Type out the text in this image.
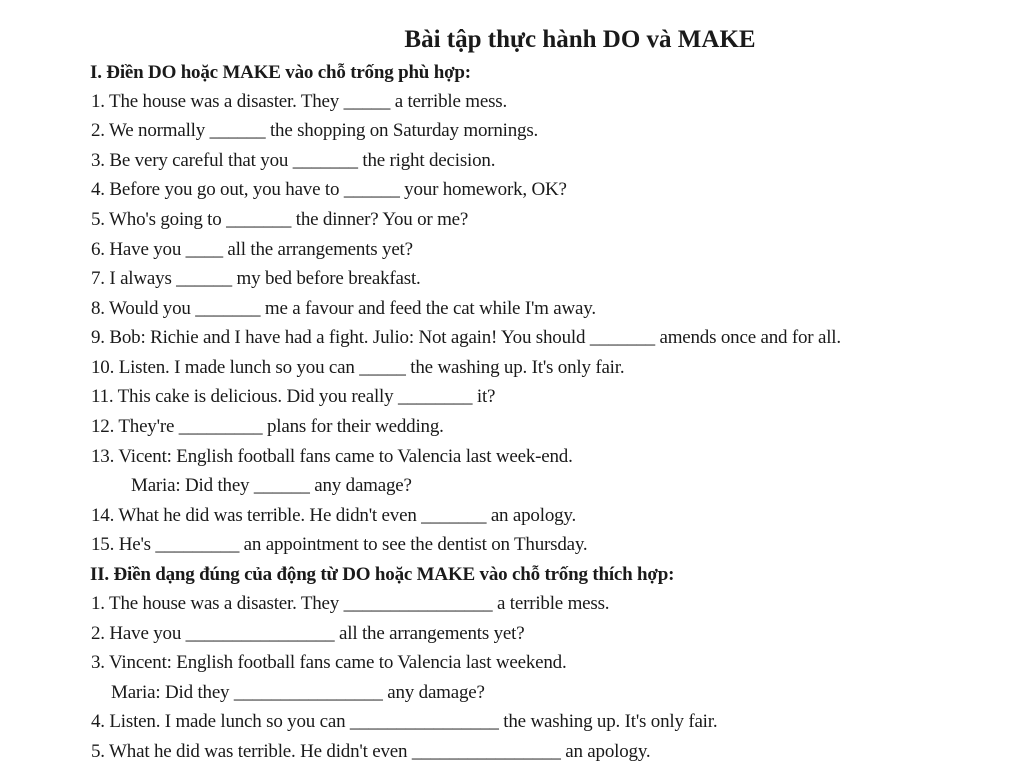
Bài tập thực hành DO và MAKE
I. Điền DO hoặc MAKE vào chỗ trống phù hợp:
1. The house was a disaster. They _____ a terrible mess.
2. We normally ______ the shopping on Saturday mornings.
3. Be very careful that you _______ the right decision.
4. Before you go out, you have to ______ your homework, OK?
5. Who's going to _______ the dinner? You or me?
6. Have you ____ all the arrangements yet?
7. I always ______ my bed before breakfast.
8. Would you _______ me a favour and feed the cat while I'm away.
9. Bob: Richie and I have had a fight. Julio: Not again! You should _______ amends once and for all.
10. Listen. I made lunch so you can _____ the washing up. It's only fair.
11. This cake is delicious. Did you really ________ it?
12. They're _________ plans for their wedding.
13. Vicent: English football fans came to Valencia last week-end.
Maria: Did they ______ any damage?
14. What he did was terrible. He didn't even _______ an apology.
15. He's _________ an appointment to see the dentist on Thursday.
II. Điền dạng đúng của động từ DO hoặc MAKE vào chỗ trống thích hợp:
1. The house was a disaster. They ________________ a terrible mess.
2. Have you ________________ all the arrangements yet?
3. Vincent: English football fans came to Valencia last weekend.
Maria: Did they ________________ any damage?
4. Listen. I made lunch so you can ________________ the washing up. It's only fair.
5. What he did was terrible. He didn't even ________________ an apology.
